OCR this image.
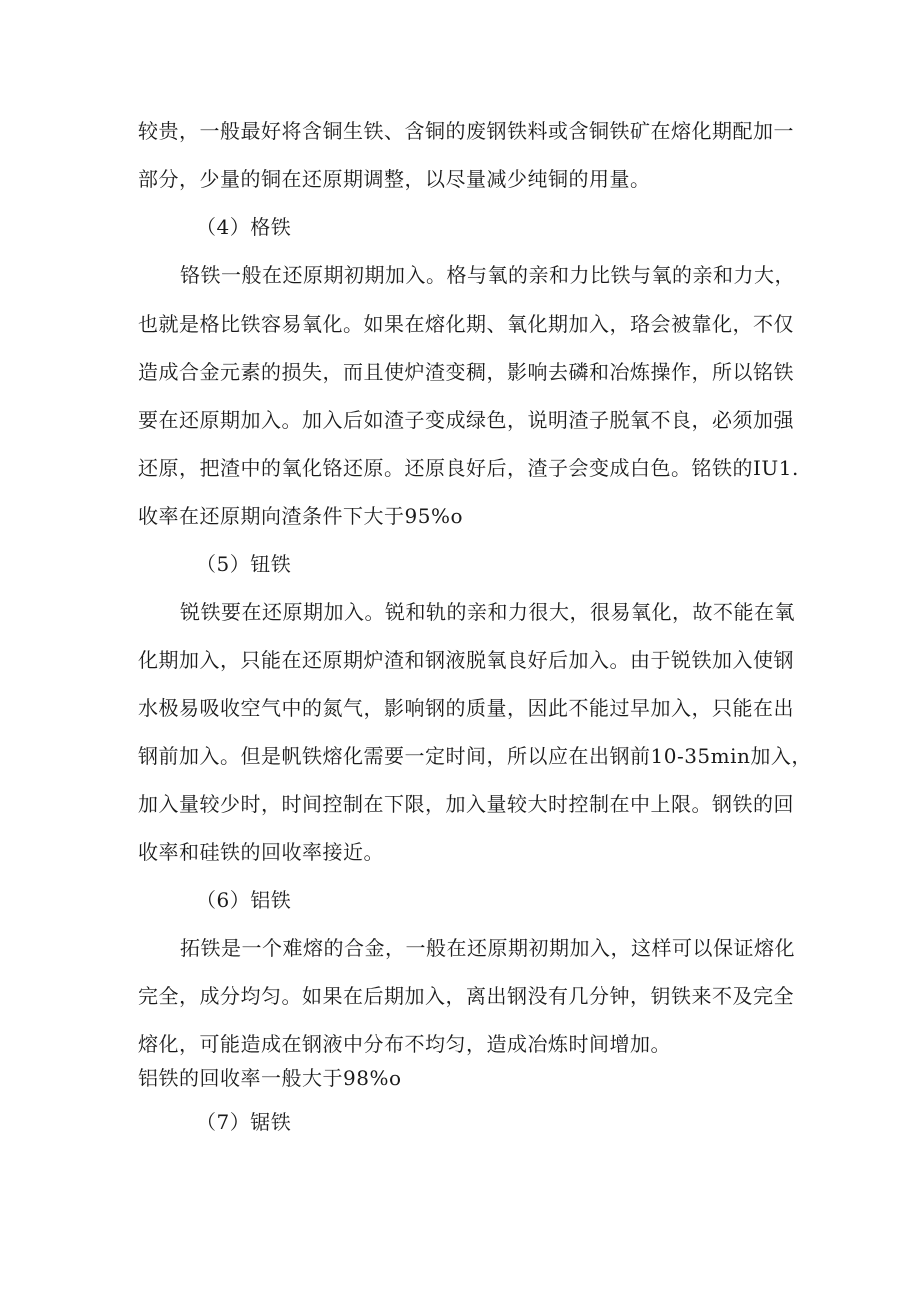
较贵，一般最好将含铜生铁、含铜的废钢铁料或含铜铁矿在熔化期配加一
部分，少量的铜在还原期调整，以尽量减少纯铜的用量。
（4）格铁
铬铁一般在还原期初期加入。格与氧的亲和力比铁与氧的亲和力大，
也就是格比铁容易氧化。如果在熔化期、氧化期加入，珞会被靠化，不仅
造成合金元素的损失，而且使炉渣变稠，影响去磷和冶炼操作，所以铭铁
要在还原期加入。加入后如渣子变成绿色，说明渣子脱氧不良，必须加强
还原，把渣中的氧化铬还原。还原良好后，渣子会变成白色。铭铁的IU1.
收率在还原期向渣条件下大于95%o
（5）钮铁
锐铁要在还原期加入。锐和轨的亲和力很大，很易氧化，故不能在氧
化期加入，只能在还原期炉渣和钢液脱氧良好后加入。由于锐铁加入使钢
水极易吸收空气中的氮气，影响钢的质量，因此不能过早加入，只能在出
钢前加入。但是帆铁熔化需要一定时间，所以应在出钢前10-35min加入，
加入量较少时，时间控制在下限，加入量较大时控制在中上限。钢铁的回
收率和硅铁的回收率接近。
（6）铝铁
拓铁是一个难熔的合金，一般在还原期初期加入，这样可以保证熔化
完全，成分均匀。如果在后期加入，离出钢没有几分钟，钥铁来不及完全
熔化，可能造成在钢液中分布不均匀，造成冶炼时间增加。
铝铁的回收率一般大于98%o
（7）锯铁
